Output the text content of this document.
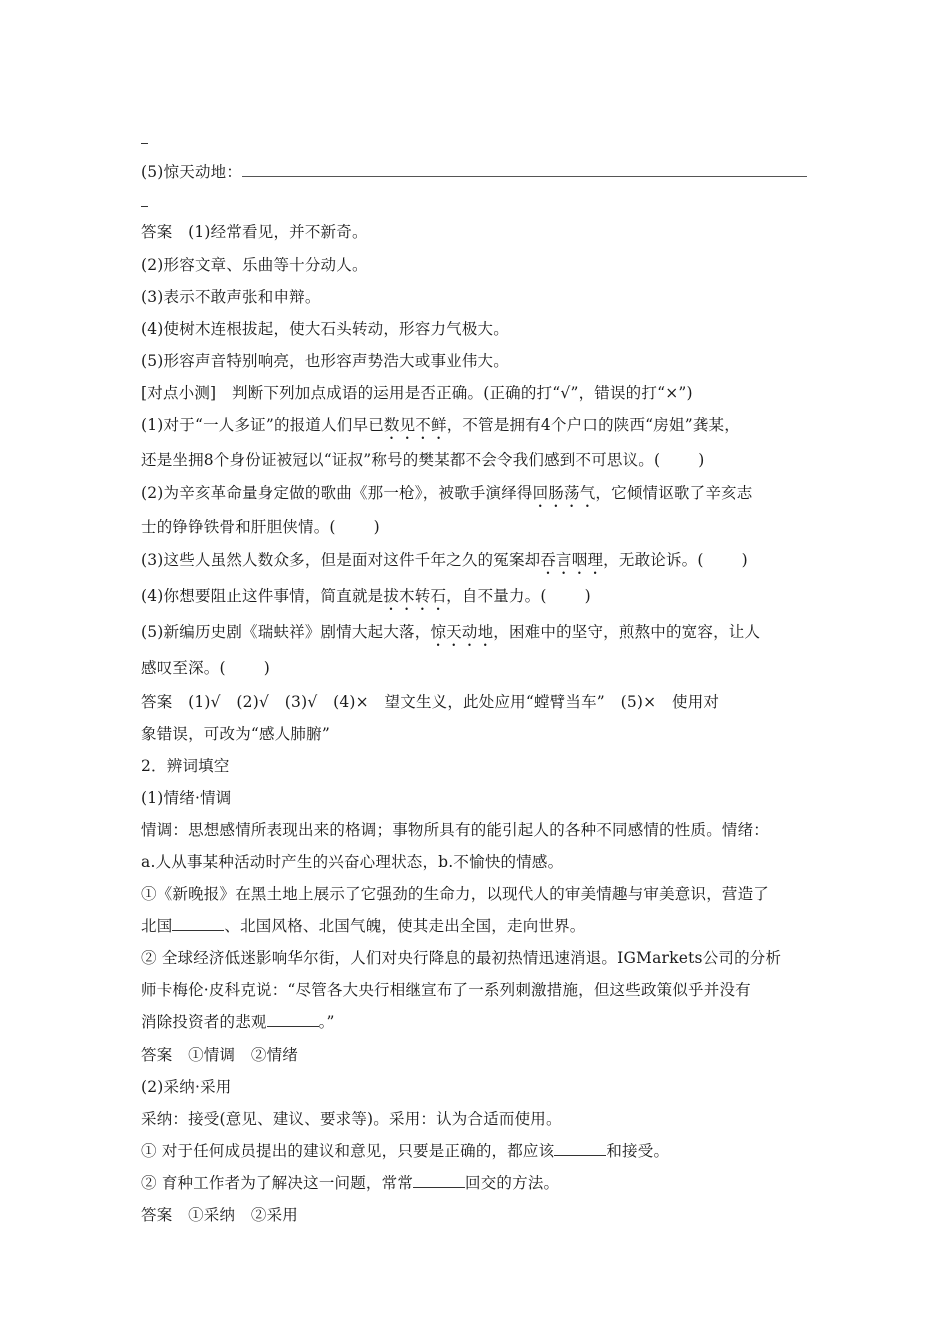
(5)惊天动地：
答案　(1)经常看见，并不新奇。
(2)形容文章、乐曲等十分动人。
(3)表示不敢声张和申辩。
(4)使树木连根拔起，使大石头转动，形容力气极大。
(5)形容声音特别响亮，也形容声势浩大或事业伟大。
[对点小测]　判断下列加点成语的运用是否正确。(正确的打“√”，错误的打“×”)
(1)对于“一人多证”的报道人们早已数见不鲜，不管是拥有4个户口的陕西“房姐”龚某，
还是坐拥8个身份证被冠以“证叔”称号的樊某都不会令我们感到不可思议。( )
(2)为辛亥革命量身定做的歌曲《那一枪》，被歌手演绎得回肠荡气，它倾情讴歌了辛亥志
士的铮铮铁骨和肝胆侠情。( )
(3)这些人虽然人数众多，但是面对这件千年之久的冤案却吞言咽理，无敢论诉。( )
(4)你想要阻止这件事情，简直就是拔木转石，自不量力。( )
(5)新编历史剧《瑞蚨祥》剧情大起大落，惊天动地，困难中的坚守，煎熬中的宽容，让人
感叹至深。( )
答案　(1)√　(2)√　(3)√　(4)×　望文生义，此处应用“螳臂当车”　(5)×　使用对
象错误，可改为“感人肺腑”
2．辨词填空
(1)情绪·情调
情调：思想感情所表现出来的格调；事物所具有的能引起人的各种不同感情的性质。情绪：
a.人从事某种活动时产生的兴奋心理状态，b.不愉快的情感。
①《新晚报》在黑土地上展示了它强劲的生命力，以现代人的审美情趣与审美意识，营造了
北国	、北国风格、北国气魄，使其走出全国，走向世界。
② 全球经济低迷影响华尔街，人们对央行降息的最初热情迅速消退。IGMarkets公司的分析
师卡梅伦·皮科克说：“尽管各大央行相继宣布了一系列刺激措施，但这些政策似乎并没有
消除投资者的悲观	。”
答案　①情调　②情绪
(2)采纳·采用
采纳：接受(意见、建议、要求等)。采用：认为合适而使用。
① 对于任何成员提出的建议和意见，只要是正确的，都应该	和接受。
② 育种工作者为了解决这一问题，常常	回交的方法。
答案　①采纳　②采用
